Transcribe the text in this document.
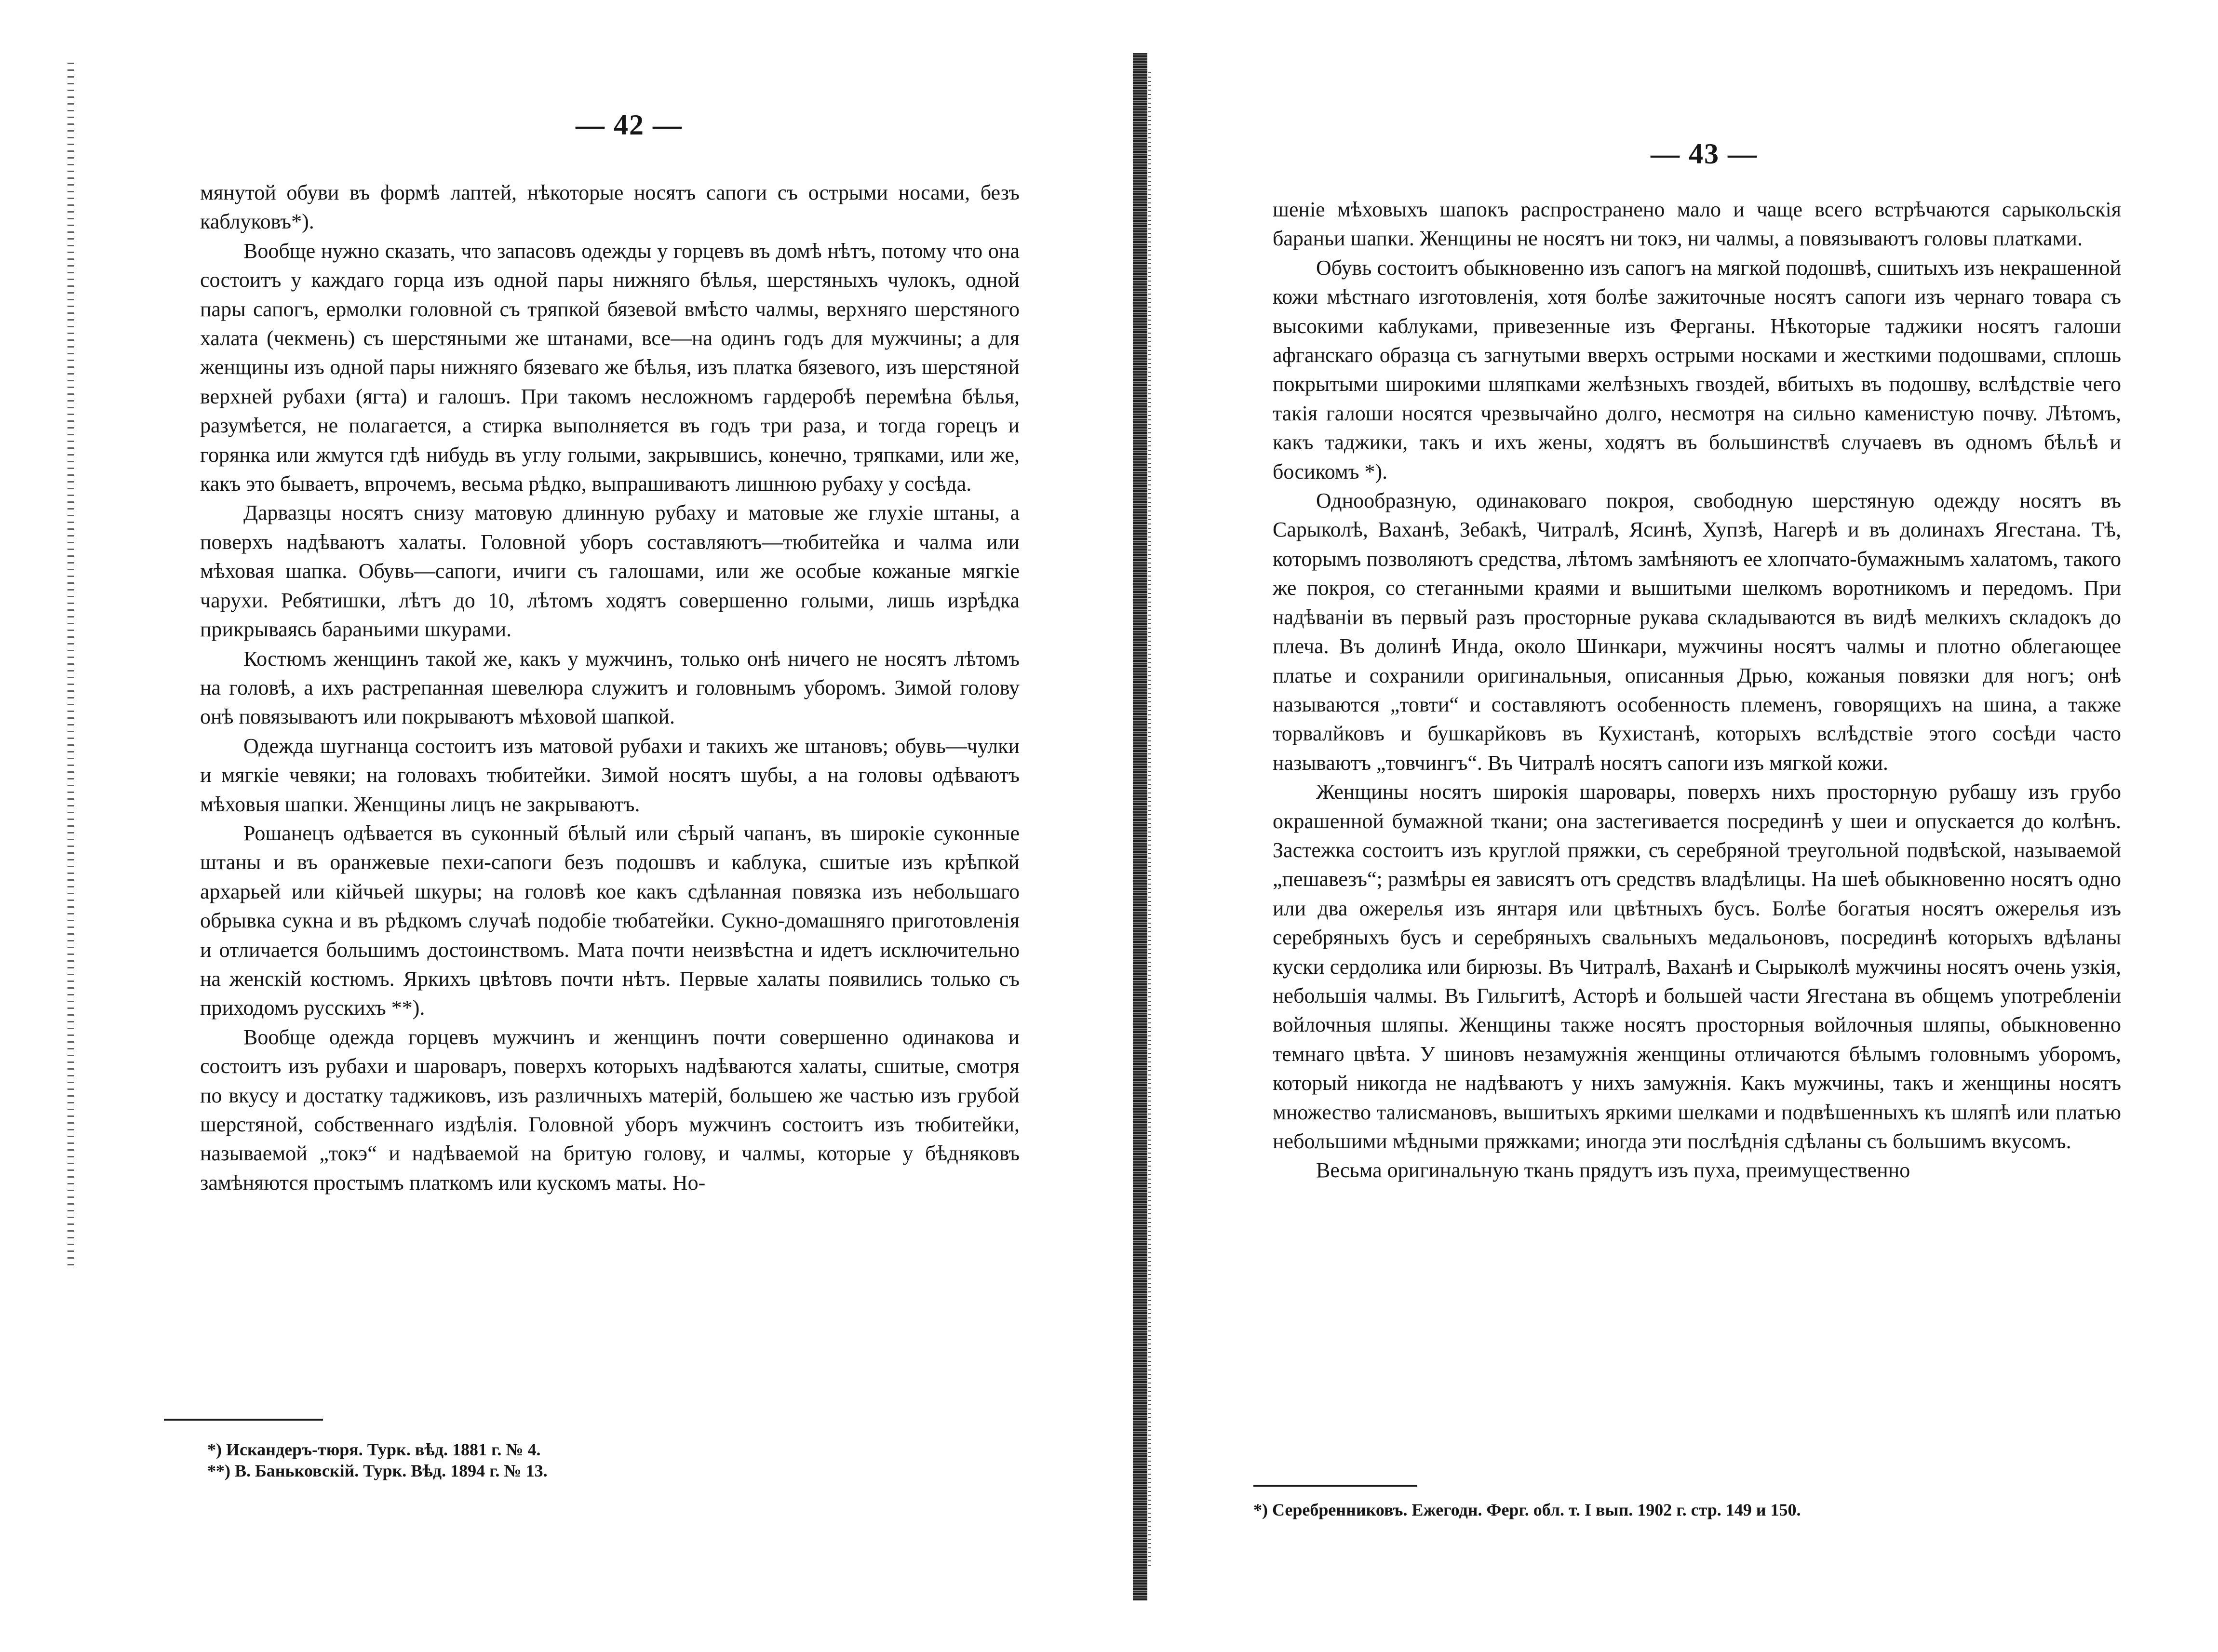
— 42 —

мянутой обуви въ формѣ лаптей, нѣкоторые носятъ сапоги съ острыми носами, безъ каблуковъ*).

Вообще нужно сказать, что запасовъ одежды у горцевъ въ домѣ нѣтъ, потому что она состоитъ у каждаго горца изъ одной пары нижняго бѣлья, шерстяныхъ чулокъ, одной пары сапогъ, ермолки головной съ тряпкой бязевой вмѣсто чалмы, верхняго шерстяного халата (чекмень) съ шерстяными же штанами, все—на одинъ годъ для мужчины; а для женщины изъ одной пары нижняго бязеваго же бѣлья, изъ платка бязевого, изъ шерстяной верхней рубахи (ягта) и галошъ. При такомъ несложномъ гардеробѣ перемѣна бѣлья, разумѣется, не полагается, а стирка выполняется въ годъ три раза, и тогда горецъ и горянка или жмутся гдѣ нибудь въ углу голыми, закрывшись, конечно, тряпками, или же, какъ это бываетъ, впрочемъ, весьма рѣдко, выпрашиваютъ лишнюю рубаху у сосѣда.

Дарвазцы носятъ снизу матовую длинную рубаху и матовые же глухіе штаны, а поверхъ надѣваютъ халаты. Головной уборъ составляютъ—тюбитейка и чалма или мѣховая шапка. Обувь—сапоги, ичиги съ галошами, или же особые кожаные мягкіе чарухи. Ребятишки, лѣтъ до 10, лѣтомъ ходятъ совершенно голыми, лишь изрѣдка прикрываясь бараньими шкурами.

Костюмъ женщинъ такой же, какъ у мужчинъ, только онѣ ничего не носятъ лѣтомъ на головѣ, а ихъ растрепанная шевелюра служитъ и головнымъ уборомъ. Зимой голову онѣ повязываютъ или покрываютъ мѣховой шапкой.

Одежда шугнанца состоитъ изъ матовой рубахи и такихъ же штановъ; обувь—чулки и мягкіе чевяки; на головахъ тюбитейки. Зимой носятъ шубы, а на головы одѣваютъ мѣховыя шапки. Женщины лицъ не закрываютъ.

Рошанецъ одѣвается въ суконный бѣлый или сѣрый чапанъ, въ широкіе суконные штаны и въ оранжевые пехи-сапоги безъ подошвъ и каблука, сшитые изъ крѣпкой архарьей или кійчьей шкуры; на головѣ кое какъ сдѣланная повязка изъ небольшаго обрывка сукна и въ рѣдкомъ случаѣ подобіе тюбатейки. Сукно-домашняго приготовленія и отличается большимъ достоинствомъ. Мата почти неизвѣстна и идетъ исключительно на женскій костюмъ. Яркихъ цвѣтовъ почти нѣтъ. Первые халаты появились только съ приходомъ русскихъ **).

Вообще одежда горцевъ мужчинъ и женщинъ почти совершенно одинакова и состоитъ изъ рубахи и шароваръ, поверхъ которыхъ надѣваются халаты, сшитые, смотря по вкусу и достатку таджиковъ, изъ различныхъ матерій, большею же частью изъ грубой шерстяной, собственнаго издѣлія. Головной уборъ мужчинъ состоитъ изъ тюбитейки, называемой „токэ“ и надѣваемой на бритую голову, и чалмы, которые у бѣдняковъ замѣняются простымъ платкомъ или кускомъ маты. Но-

*) Искандеръ-тюря. Турк. вѣд. 1881 г. № 4.

**) В. Баньковскій. Турк. Вѣд. 1894 г. № 13.

— 43 —

шеніе мѣховыхъ шапокъ распространено мало и чаще всего встрѣчаются сарыкольскія бараньи шапки. Женщины не носятъ ни токэ, ни чалмы, а повязываютъ головы платками.

Обувь состоитъ обыкновенно изъ сапогъ на мягкой подошвѣ, сшитыхъ изъ некрашенной кожи мѣстнаго изготовленія, хотя болѣе зажиточные носятъ сапоги изъ чернаго товара съ высокими каблуками, привезенные изъ Ферганы. Нѣкоторые таджики носятъ галоши афганскаго образца съ загнутыми вверхъ острыми носками и жесткими подошвами, сплошь покрытыми широкими шляпками желѣзныхъ гвоздей, вбитыхъ въ подошву, вслѣдствіе чего такія галоши носятся чрезвычайно долго, несмотря на сильно каменистую почву. Лѣтомъ, какъ таджики, такъ и ихъ жены, ходятъ въ большинствѣ случаевъ въ одномъ бѣльѣ и босикомъ *).

Однообразную, одинаковаго покроя, свободную шерстяную одежду носятъ въ Сарыколѣ, Ваханѣ, Зебакѣ, Читралѣ, Ясинѣ, Хупзѣ, Нагерѣ и въ долинахъ Ягестана. Тѣ, которымъ позволяютъ средства, лѣтомъ замѣняютъ ее хлопчато-бумажнымъ халатомъ, такого же покроя, со стеганными краями и вышитыми шелкомъ воротникомъ и передомъ. При надѣваніи въ первый разъ просторные рукава складываются въ видѣ мелкихъ складокъ до плеча. Въ долинѣ Инда, около Шинкари, мужчины носятъ чалмы и плотно облегающее платье и сохранили оригинальныя, описанныя Дрью, кожаныя повязки для ногъ; онѣ называются „товти“ и составляютъ особенность племенъ, говорящихъ на шина, а также торвалйковъ и бушкарйковъ въ Кухистанѣ, которыхъ вслѣдствіе этого сосѣди часто называютъ „товчингъ“. Въ Читралѣ носятъ сапоги изъ мягкой кожи.

Женщины носятъ широкія шаровары, поверхъ нихъ просторную рубашу изъ грубо окрашенной бумажной ткани; она застегивается посрединѣ у шеи и опускается до колѣнъ. Застежка состоитъ изъ круглой пряжки, съ серебряной треугольной подвѣской, называемой „пешавезъ“; размѣры ея зависятъ отъ средствъ владѣлицы. На шеѣ обыкновенно носятъ одно или два ожерелья изъ янтаря или цвѣтныхъ бусъ. Болѣе богатыя носятъ ожерелья изъ серебряныхъ бусъ и серебряныхъ свальныхъ медальоновъ, посрединѣ которыхъ вдѣланы куски сердолика или бирюзы. Въ Читралѣ, Ваханѣ и Сырыколѣ мужчины носятъ очень узкія, небольшія чалмы. Въ Гильгитѣ, Асторѣ и большей части Ягестана въ общемъ употребленіи войлочныя шляпы. Женщины также носятъ просторныя войлочныя шляпы, обыкновенно темнаго цвѣта. У шиновъ незамужнія женщины отличаются бѣлымъ головнымъ уборомъ, который никогда не надѣваютъ у нихъ замужнія. Какъ мужчины, такъ и женщины носятъ множество талисмановъ, вышитыхъ яркими шелками и подвѣшенныхъ къ шляпѣ или платью небольшими мѣдными пряжками; иногда эти послѣднія сдѣланы съ большимъ вкусомъ.

Весьма оригинальную ткань прядутъ изъ пуха, преимущественно

*) Серебренниковъ. Ежегодн. Ферг. обл. т. I вып. 1902 г. стр. 149 и 150.
